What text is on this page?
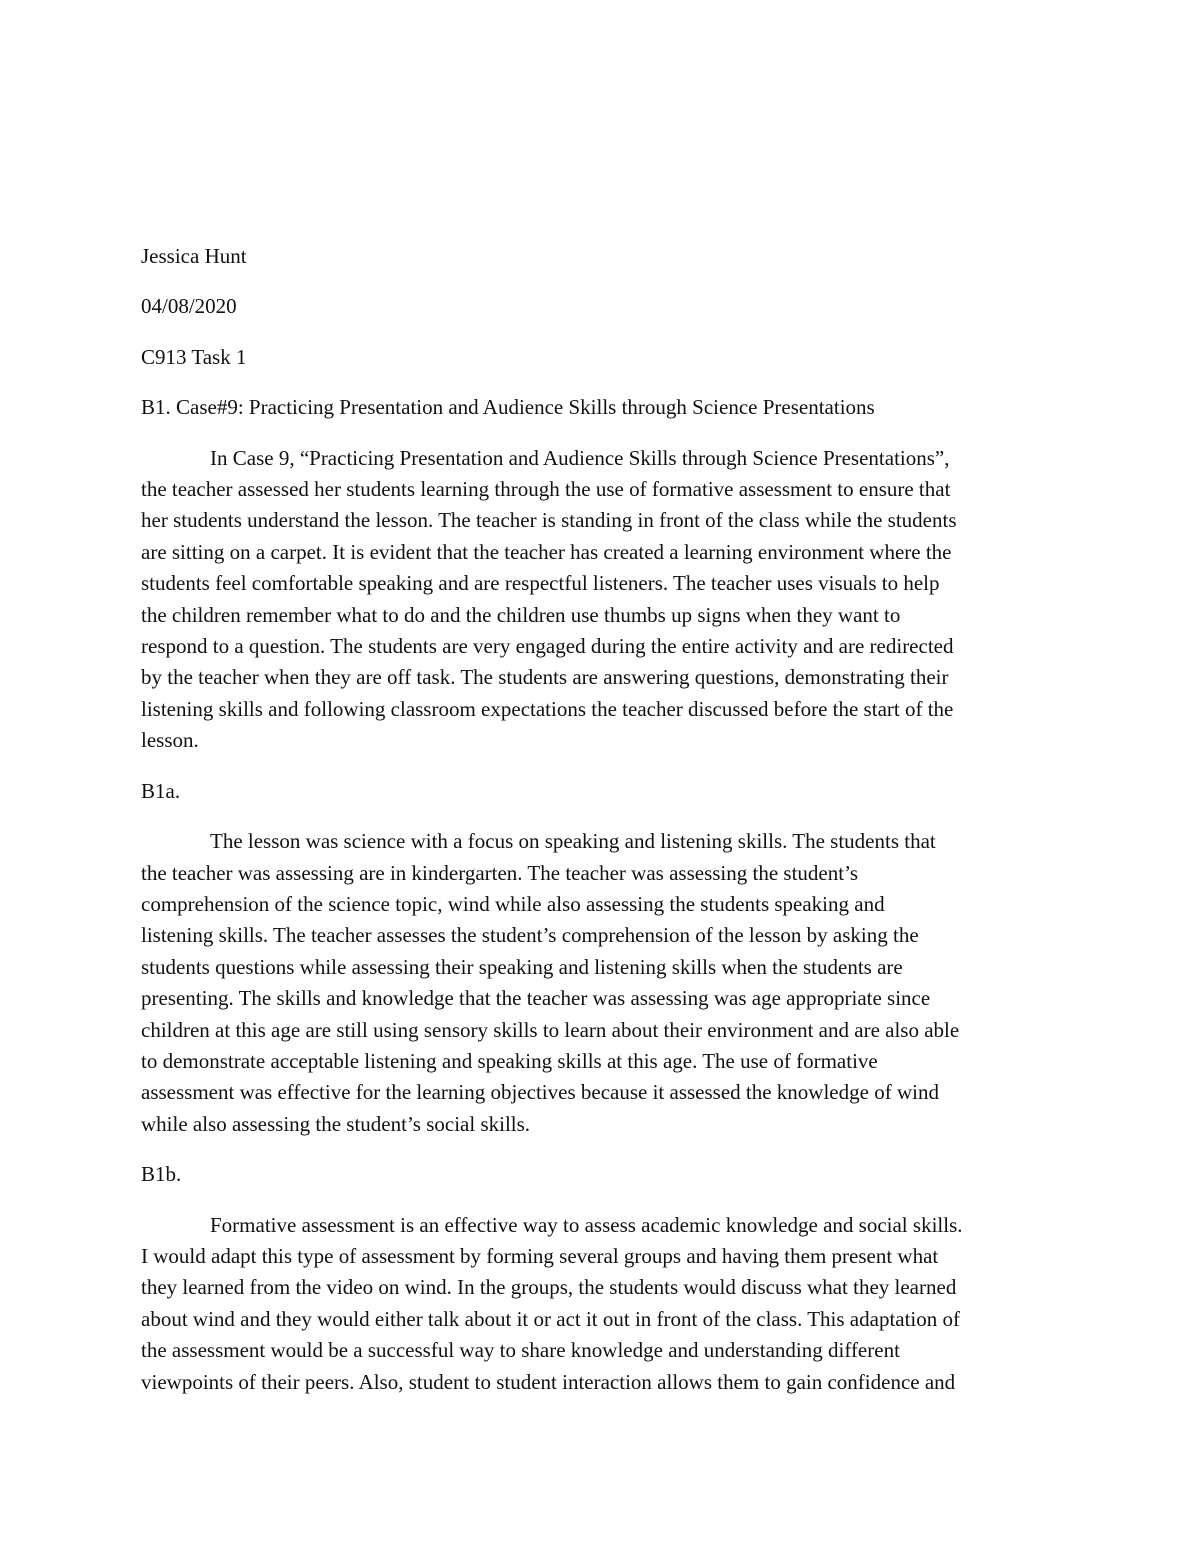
Jessica Hunt

04/08/2020

C913 Task 1

B1. Case#9: Practicing Presentation and Audience Skills through Science Presentations

In Case 9, “Practicing Presentation and Audience Skills through Science Presentations”,
the teacher assessed her students learning through the use of formative assessment to ensure that
her students understand the lesson. The teacher is standing in front of the class while the students
are sitting on a carpet. It is evident that the teacher has created a learning environment where the
students feel comfortable speaking and are respectful listeners. The teacher uses visuals to help
the children remember what to do and the children use thumbs up signs when they want to
respond to a question. The students are very engaged during the entire activity and are redirected
by the teacher when they are off task. The students are answering questions, demonstrating their
listening skills and following classroom expectations the teacher discussed before the start of the
lesson.

B1a.

The lesson was science with a focus on speaking and listening skills. The students that
the teacher was assessing are in kindergarten. The teacher was assessing the student’s
comprehension of the science topic, wind while also assessing the students speaking and
listening skills. The teacher assesses the student’s comprehension of the lesson by asking the
students questions while assessing their speaking and listening skills when the students are
presenting. The skills and knowledge that the teacher was assessing was age appropriate since
children at this age are still using sensory skills to learn about their environment and are also able
to demonstrate acceptable listening and speaking skills at this age. The use of formative
assessment was effective for the learning objectives because it assessed the knowledge of wind
while also assessing the student’s social skills.

B1b.

Formative assessment is an effective way to assess academic knowledge and social skills.
I would adapt this type of assessment by forming several groups and having them present what
they learned from the video on wind. In the groups, the students would discuss what they learned
about wind and they would either talk about it or act it out in front of the class. This adaptation of
the assessment would be a successful way to share knowledge and understanding different
viewpoints of their peers. Also, student to student interaction allows them to gain confidence and
